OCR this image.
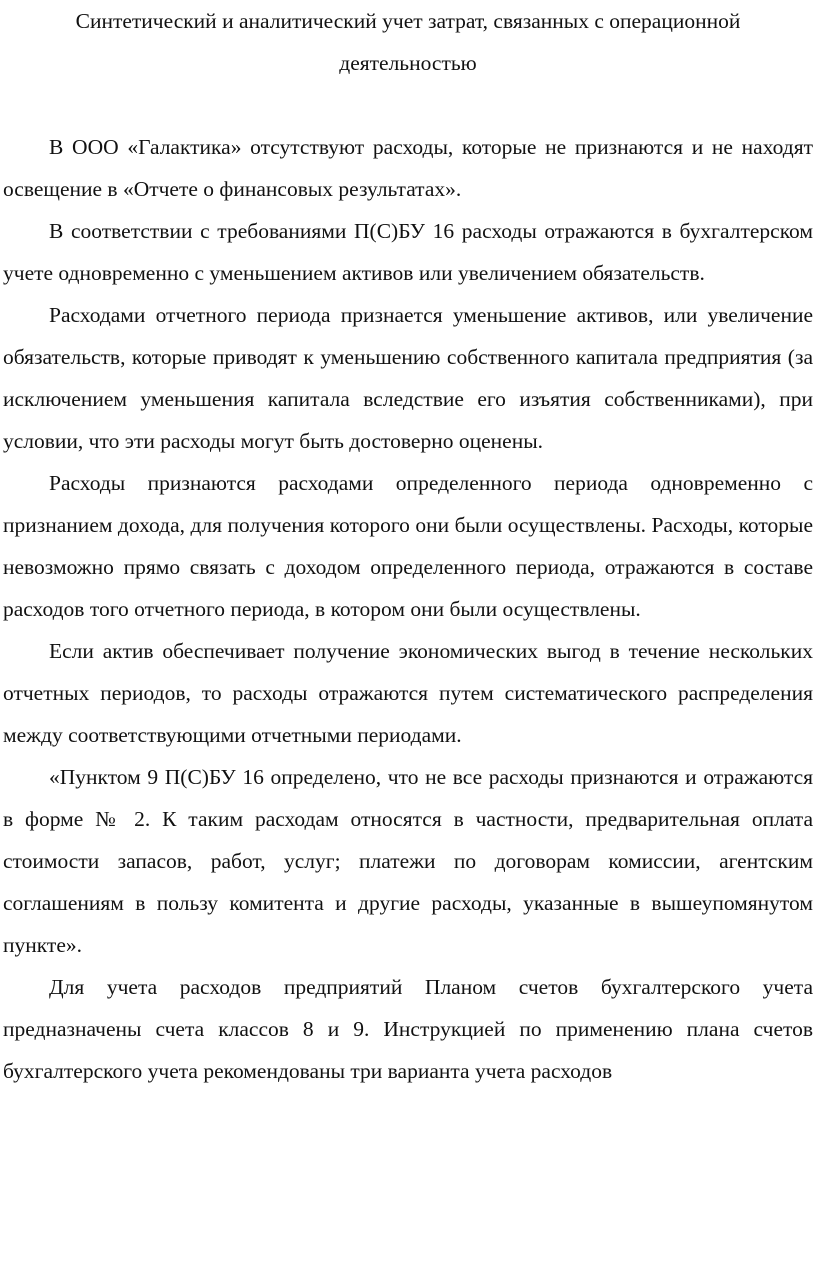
Синтетический и аналитический учет затрат, связанных с операционной
деятельностью

В ООО «Галактика» отсутствуют расходы, которые не признаются и не находят освещение в «Отчете о финансовых результатах».

В соответствии с требованиями П(С)БУ 16 расходы отражаются в бухгалтерском учете одновременно с уменьшением активов или увеличением обязательств.

Расходами отчетного периода признается уменьшение активов, или увеличение обязательств, которые приводят к уменьшению собственного капитала предприятия (за исключением уменьшения капитала вследствие его изъятия собственниками), при условии, что эти расходы могут быть достоверно оценены.

Расходы признаются расходами определенного периода одновременно с признанием дохода, для получения которого они были осуществлены. Расходы, которые невозможно прямо связать с доходом определенного периода, отражаются в составе расходов того отчетного периода, в котором они были осуществлены.

Если актив обеспечивает получение экономических выгод в течение нескольких отчетных периодов, то расходы отражаются путем систематического распределения между соответствующими отчетными периодами.

«Пунктом 9 П(С)БУ 16 определено, что не все расходы признаются и отражаются в форме № 2. К таким расходам относятся в частности, предварительная оплата стоимости запасов, работ, услуг; платежи по договорам комиссии, агентским соглашениям в пользу комитента и другие расходы, указанные в вышеупомянутом пункте».

Для учета расходов предприятий Планом счетов бухгалтерского учета предназначены счета классов 8 и 9. Инструкцией по применению плана счетов бухгалтерского учета рекомендованы три варианта учета расходов
